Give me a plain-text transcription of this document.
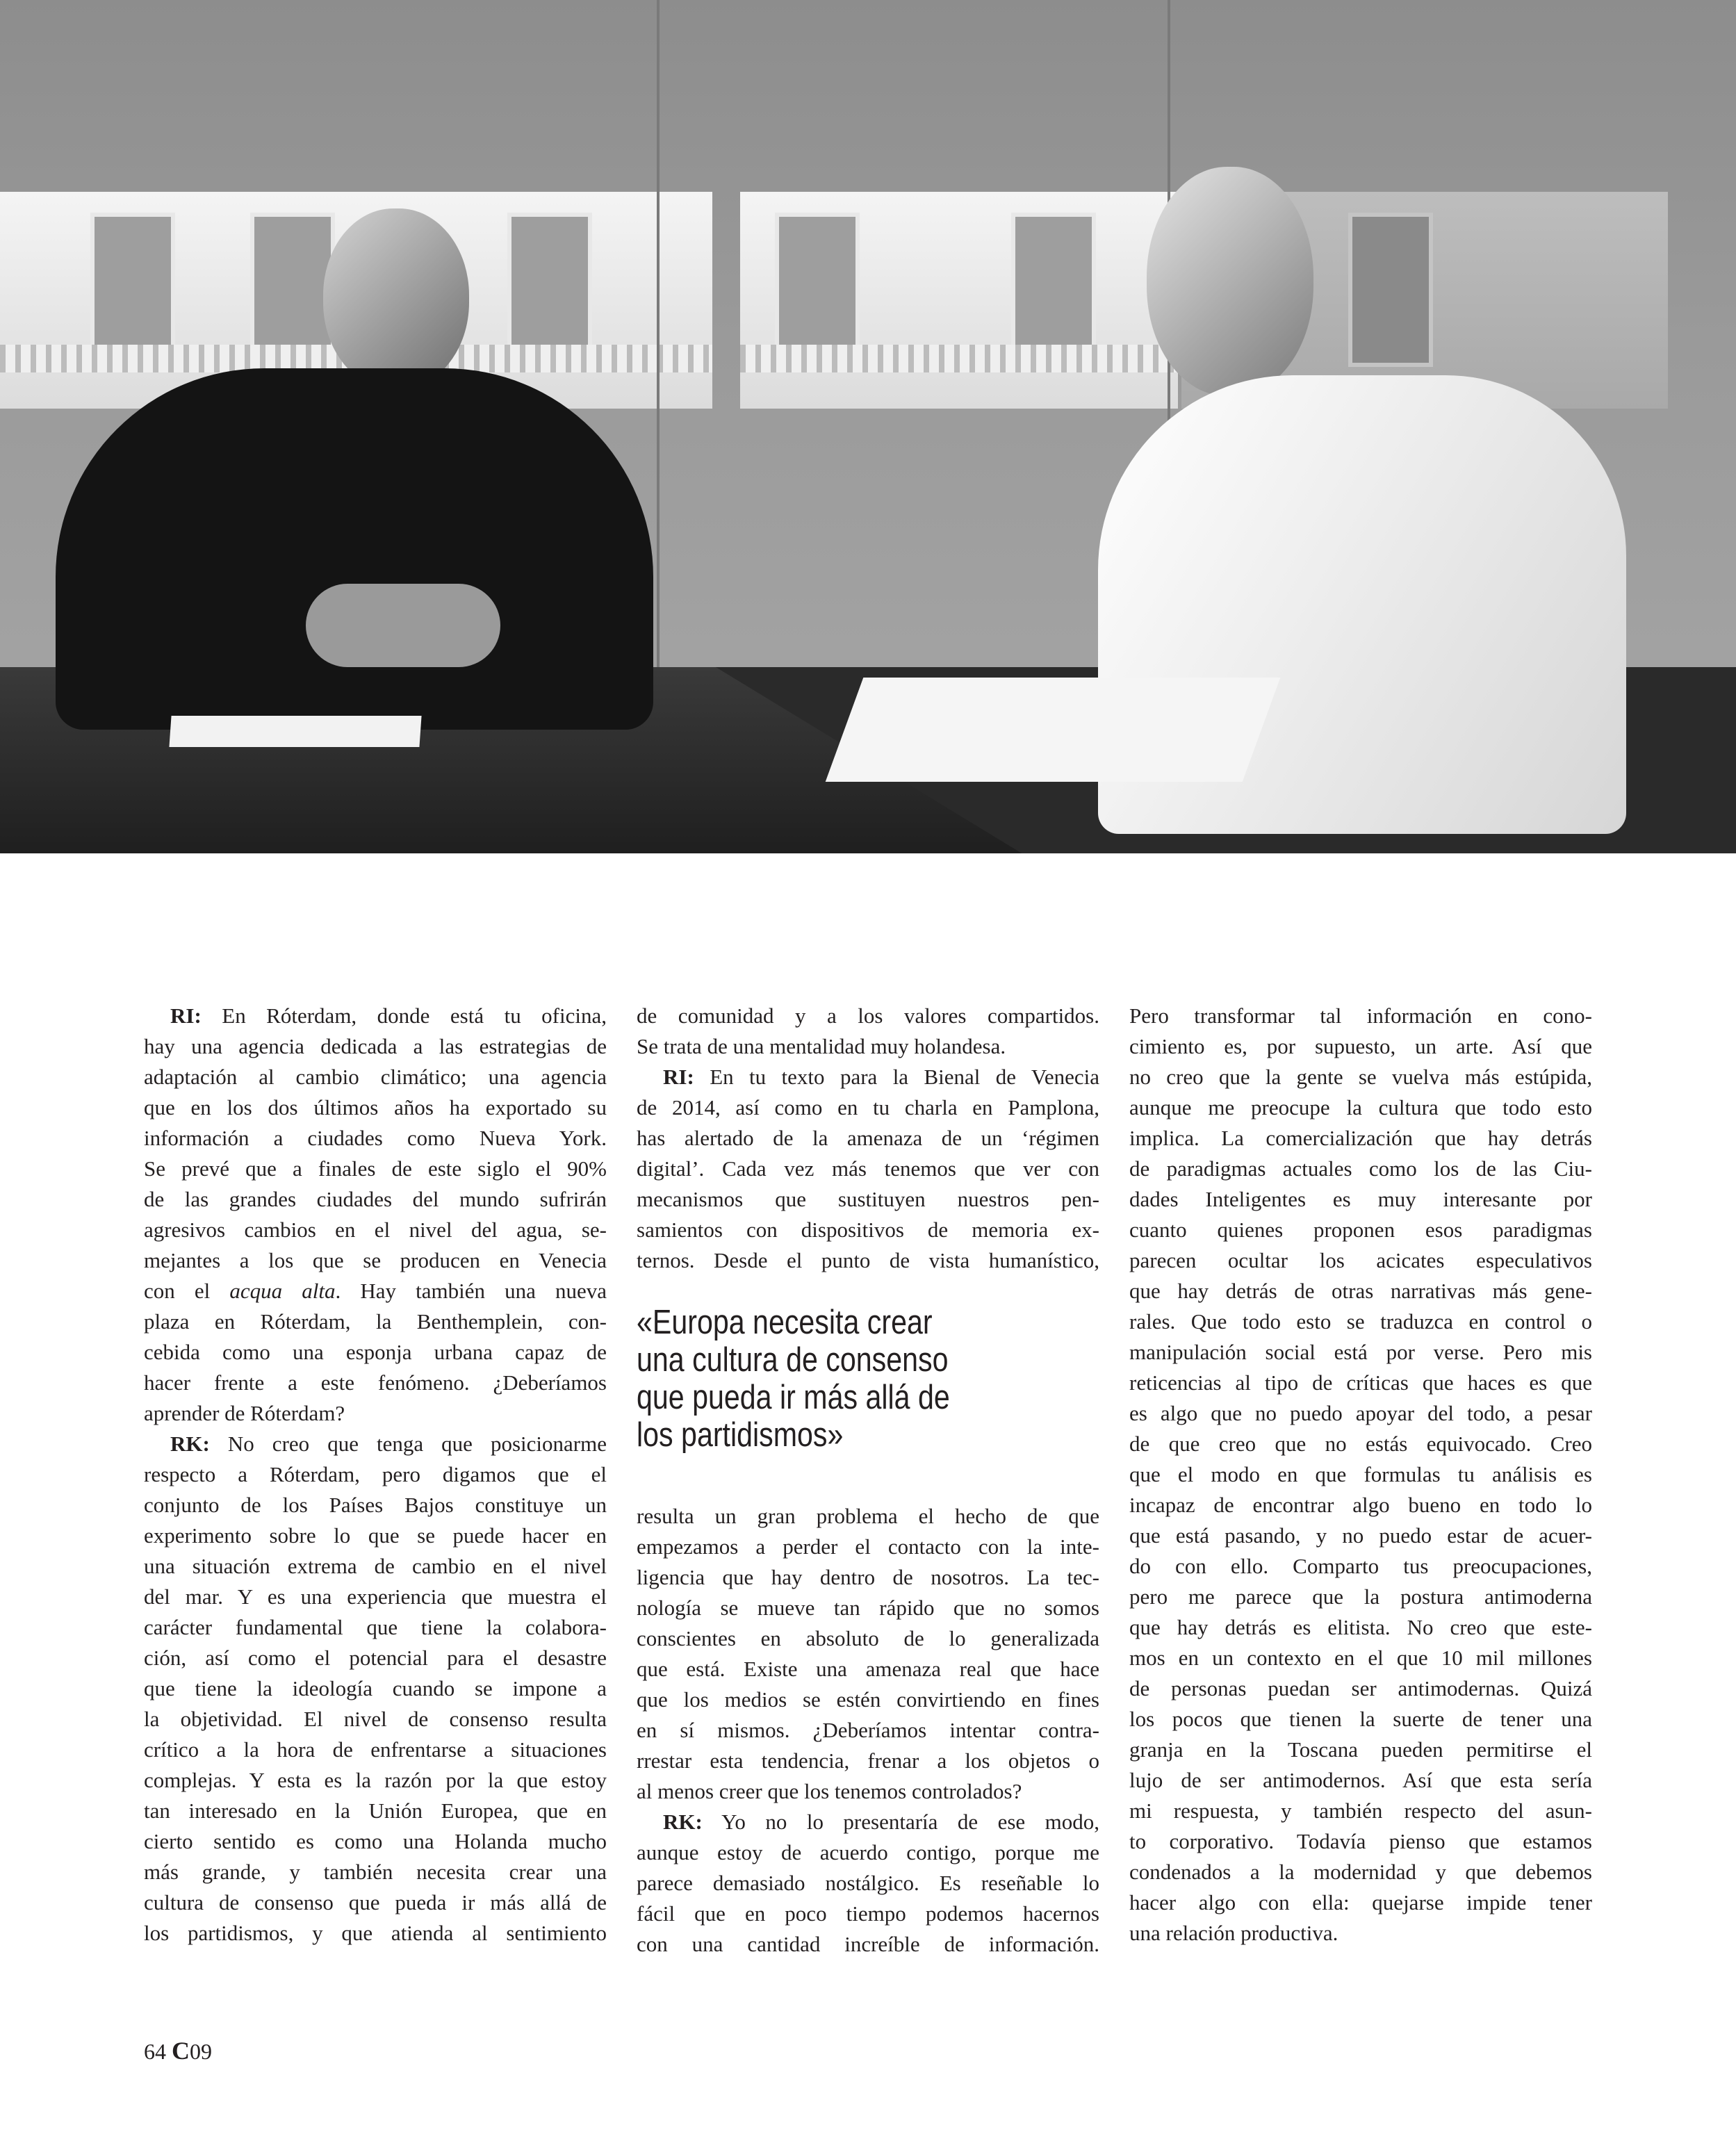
RI: En Róterdam, donde está tu oficina,
hay una agencia dedicada a las estrategias de
adaptación al cambio climático; una agencia
que en los dos últimos años ha exportado su
información a ciudades como Nueva York.
Se prevé que a finales de este siglo el 90%
de las grandes ciudades del mundo sufrirán
agresivos cambios en el nivel del agua, se-
mejantes a los que se producen en Venecia
con el acqua alta. Hay también una nueva
plaza en Róterdam, la Benthemplein, con-
cebida como una esponja urbana capaz de
hacer frente a este fenómeno. ¿Deberíamos
aprender de Róterdam?
RK: No creo que tenga que posicionarme
respecto a Róterdam, pero digamos que el
conjunto de los Países Bajos constituye un
experimento sobre lo que se puede hacer en
una situación extrema de cambio en el nivel
del mar. Y es una experiencia que muestra el
carácter fundamental que tiene la colabora-
ción, así como el potencial para el desastre
que tiene la ideología cuando se impone a
la objetividad. El nivel de consenso resulta
crítico a la hora de enfrentarse a situaciones
complejas. Y esta es la razón por la que estoy
tan interesado en la Unión Europea, que en
cierto sentido es como una Holanda mucho
más grande, y también necesita crear una
cultura de consenso que pueda ir más allá de
los partidismos, y que atienda al sentimiento
de comunidad y a los valores compartidos.
Se trata de una mentalidad muy holandesa.
RI: En tu texto para la Bienal de Venecia
de 2014, así como en tu charla en Pamplona,
has alertado de la amenaza de un ‘régimen
digital’. Cada vez más tenemos que ver con
mecanismos que sustituyen nuestros pen-
samientos con dispositivos de memoria ex-
ternos. Desde el punto de vista humanístico,
«Europa necesita crear
una cultura de consenso
que pueda ir más allá de
los partidismos»
resulta un gran problema el hecho de que
empezamos a perder el contacto con la inte-
ligencia que hay dentro de nosotros. La tec-
nología se mueve tan rápido que no somos
conscientes en absoluto de lo generalizada
que está. Existe una amenaza real que hace
que los medios se estén convirtiendo en fines
en sí mismos. ¿Deberíamos intentar contra-
rrestar esta tendencia, frenar a los objetos o
al menos creer que los tenemos controlados?
RK: Yo no lo presentaría de ese modo,
aunque estoy de acuerdo contigo, porque me
parece demasiado nostálgico. Es reseñable lo
fácil que en poco tiempo podemos hacernos
con una cantidad increíble de información.
Pero transformar tal información en cono-
cimiento es, por supuesto, un arte. Así que
no creo que la gente se vuelva más estúpida,
aunque me preocupe la cultura que todo esto
implica. La comercialización que hay detrás
de paradigmas actuales como los de las Ciu-
dades Inteligentes es muy interesante por
cuanto quienes proponen esos paradigmas
parecen ocultar los acicates especulativos
que hay detrás de otras narrativas más gene-
rales. Que todo esto se traduzca en control o
manipulación social está por verse. Pero mis
reticencias al tipo de críticas que haces es que
es algo que no puedo apoyar del todo, a pesar
de que creo que no estás equivocado. Creo
que el modo en que formulas tu análisis es
incapaz de encontrar algo bueno en todo lo
que está pasando, y no puedo estar de acuer-
do con ello. Comparto tus preocupaciones,
pero me parece que la postura antimoderna
que hay detrás es elitista. No creo que este-
mos en un contexto en el que 10 mil millones
de personas puedan ser antimodernas. Quizá
los pocos que tienen la suerte de tener una
granja en la Toscana pueden permitirse el
lujo de ser antimodernos. Así que esta sería
mi respuesta, y también respecto del asun-
to corporativo. Todavía pienso que estamos
condenados a la modernidad y que debemos
hacer algo con ella: quejarse impide tener
una relación productiva.
64 C09
